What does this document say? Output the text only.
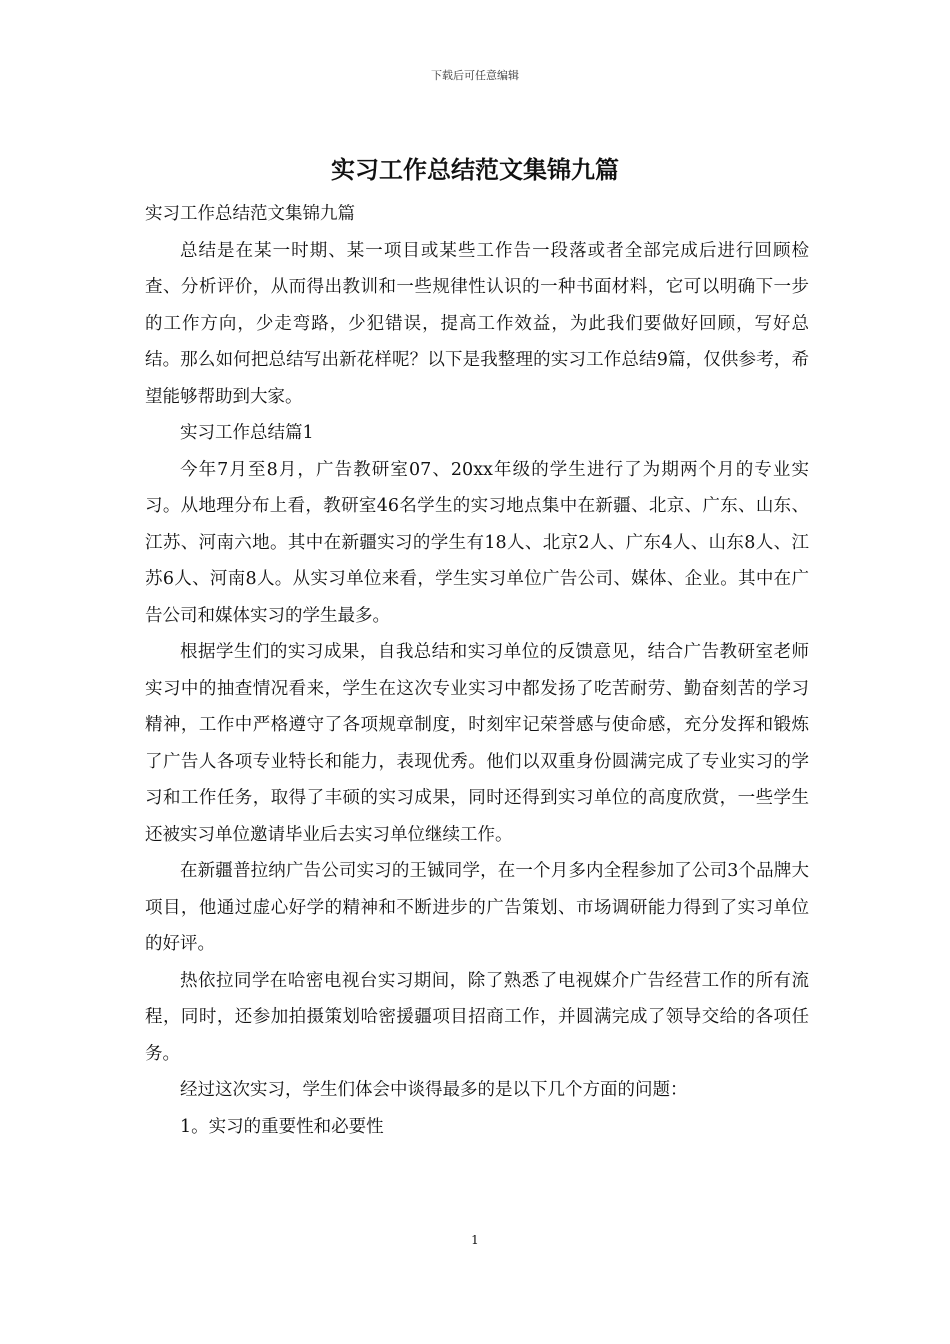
下载后可任意编辑
实习工作总结范文集锦九篇

实习工作总结范文集锦九篇

总结是在某一时期、某一项目或某些工作告一段落或者全部完成后进行回顾检查、分析评价，从而得出教训和一些规律性认识的一种书面材料，它可以明确下一步的工作方向，少走弯路，少犯错误，提高工作效益，为此我们要做好回顾，写好总结。那么如何把总结写出新花样呢？以下是我整理的实习工作总结9篇，仅供参考，希望能够帮助到大家。

实习工作总结篇1

今年7月至8月，广告教研室07、20xx年级的学生进行了为期两个月的专业实习。从地理分布上看，教研室46名学生的实习地点集中在新疆、北京、广东、山东、江苏、河南六地。其中在新疆实习的学生有18人、北京2人、广东4人、山东8人、江苏6人、河南8人。从实习单位来看，学生实习单位广告公司、媒体、企业。其中在广告公司和媒体实习的学生最多。

根据学生们的实习成果，自我总结和实习单位的反馈意见，结合广告教研室老师实习中的抽查情况看来，学生在这次专业实习中都发扬了吃苦耐劳、勤奋刻苦的学习精神，工作中严格遵守了各项规章制度，时刻牢记荣誉感与使命感，充分发挥和锻炼了广告人各项专业特长和能力，表现优秀。他们以双重身份圆满完成了专业实习的学习和工作任务，取得了丰硕的实习成果，同时还得到实习单位的高度欣赏，一些学生还被实习单位邀请毕业后去实习单位继续工作。

在新疆普拉纳广告公司实习的王铖同学，在一个月多内全程参加了公司3个品牌大项目，他通过虚心好学的精神和不断进步的广告策划、市场调研能力得到了实习单位的好评。

热依拉同学在哈密电视台实习期间，除了熟悉了电视媒介广告经营工作的所有流程，同时，还参加拍摄策划哈密援疆项目招商工作，并圆满完成了领导交给的各项任务。

经过这次实习，学生们体会中谈得最多的是以下几个方面的问题：

1。实习的重要性和必要性

1
